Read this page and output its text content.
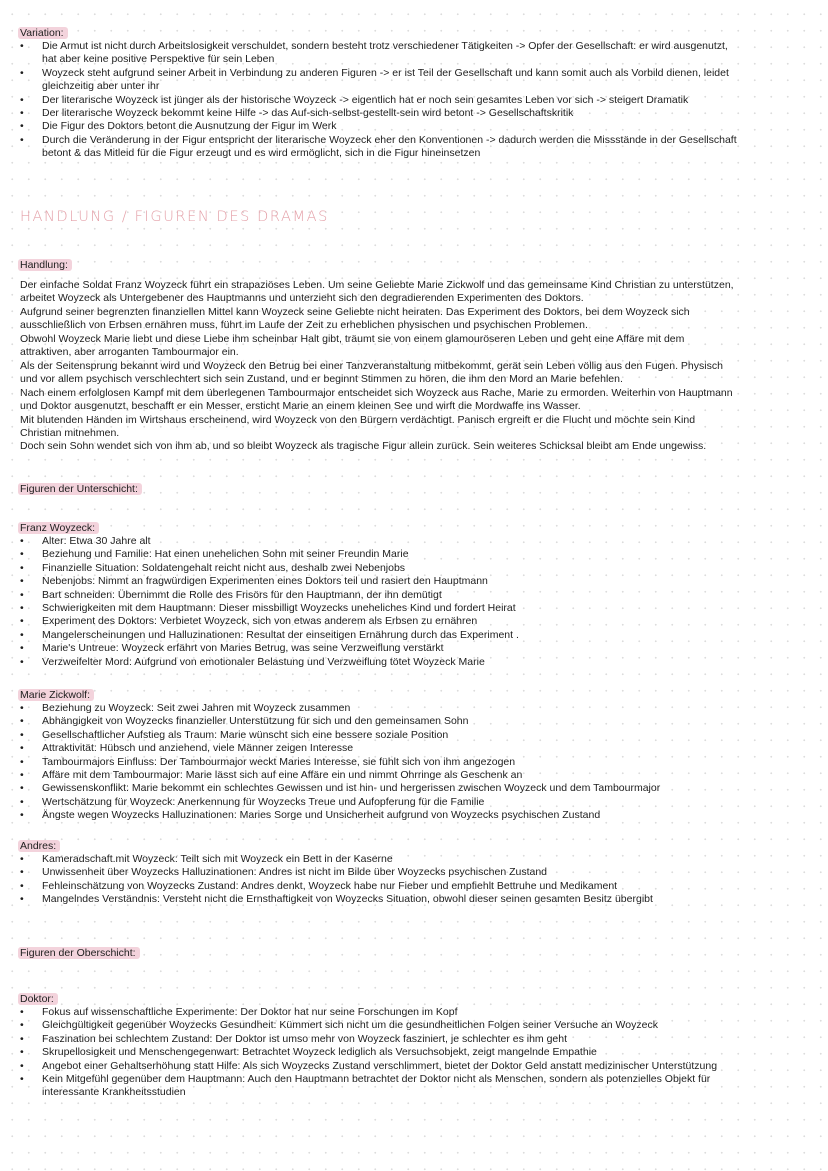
Variation:
• Die Armut ist nicht durch Arbeitslosigkeit verschuldet, sondern besteht trotz verschiedener Tätigkeiten -> Opfer der Gesellschaft: er wird ausgenutzt,
hat aber keine positive Perspektive für sein Leben
• Woyzeck steht aufgrund seiner Arbeit in Verbindung zu anderen Figuren -> er ist Teil der Gesellschaft und kann somit auch als Vorbild dienen, leidet
gleichzeitig aber unter ihr
• Der literarische Woyzeck ist jünger als der historische Woyzeck -> eigentlich hat er noch sein gesamtes Leben vor sich -> steigert Dramatik
• Der literarische Woyzeck bekommt keine Hilfe -> das Auf-sich-selbst-gestellt-sein wird betont -> Gesellschaftskritik
• Die Figur des Doktors betont die Ausnutzung der Figur im Werk
• Durch die Veränderung in der Figur entspricht der literarische Woyzeck eher den Konventionen -> dadurch werden die Missstände in der Gesellschaft
betont & das Mitleid für die Figur erzeugt und es wird ermöglicht, sich in die Figur hineinsetzen
HANDLUNG / FIGUREN DES DRAMAS
Handlung:
Der einfache Soldat Franz Woyzeck führt ein strapaziöses Leben. Um seine Geliebte Marie Zickwolf und das gemeinsame Kind Christian zu unterstützen,
arbeitet Woyzeck als Untergebener des Hauptmanns und unterzieht sich den degradierenden Experimenten des Doktors.
Aufgrund seiner begrenzten finanziellen Mittel kann Woyzeck seine Geliebte nicht heiraten. Das Experiment des Doktors, bei dem Woyzeck sich
ausschließlich von Erbsen ernähren muss, führt im Laufe der Zeit zu erheblichen physischen und psychischen Problemen.
Obwohl Woyzeck Marie liebt und diese Liebe ihm scheinbar Halt gibt, träumt sie von einem glamouröseren Leben und geht eine Affäre mit dem
attraktiven, aber arroganten Tambourmajor ein.
Als der Seitensprung bekannt wird und Woyzeck den Betrug bei einer Tanzveranstaltung mitbekommt, gerät sein Leben völlig aus den Fugen. Physisch
und vor allem psychisch verschlechtert sich sein Zustand, und er beginnt Stimmen zu hören, die ihm den Mord an Marie befehlen.
Nach einem erfolglosen Kampf mit dem überlegenen Tambourmajor entscheidet sich Woyzeck aus Rache, Marie zu ermorden. Weiterhin von Hauptmann
und Doktor ausgenutzt, beschafft er ein Messer, ersticht Marie an einem kleinen See und wirft die Mordwaffe ins Wasser.
Mit blutenden Händen im Wirtshaus erscheinend, wird Woyzeck von den Bürgern verdächtigt. Panisch ergreift er die Flucht und möchte sein Kind
Christian mitnehmen.
Doch sein Sohn wendet sich von ihm ab, und so bleibt Woyzeck als tragische Figur allein zurück. Sein weiteres Schicksal bleibt am Ende ungewiss.
Figuren der Unterschicht:
Franz Woyzeck:
• Alter: Etwa 30 Jahre alt
• Beziehung und Familie: Hat einen unehelichen Sohn mit seiner Freundin Marie
• Finanzielle Situation: Soldatengehalt reicht nicht aus, deshalb zwei Nebenjobs
• Nebenjobs: Nimmt an fragwürdigen Experimenten eines Doktors teil und rasiert den Hauptmann
• Bart schneiden: Übernimmt die Rolle des Frisörs für den Hauptmann, der ihn demütigt
• Schwierigkeiten mit dem Hauptmann: Dieser missbilligt Woyzecks uneheliches Kind und fordert Heirat
• Experiment des Doktors: Verbietet Woyzeck, sich von etwas anderem als Erbsen zu ernähren
• Mangelerscheinungen und Halluzinationen: Resultat der einseitigen Ernährung durch das Experiment .
• Marie's Untreue: Woyzeck erfährt von Maries Betrug, was seine Verzweiflung verstärkt
• Verzweifelter Mord: Aufgrund von emotionaler Belastung und Verzweiflung tötet Woyzeck Marie
Marie Zickwolf:
• Beziehung zu Woyzeck: Seit zwei Jahren mit Woyzeck zusammen
• Abhängigkeit von Woyzecks finanzieller Unterstützung für sich und den gemeinsamen Sohn
• Gesellschaftlicher Aufstieg als Traum: Marie wünscht sich eine bessere soziale Position
• Attraktivität: Hübsch und anziehend, viele Männer zeigen Interesse
• Tambourmajors Einfluss: Der Tambourmajor weckt Maries Interesse, sie fühlt sich von ihm angezogen
• Affäre mit dem Tambourmajor: Marie lässt sich auf eine Affäre ein und nimmt Ohrringe als Geschenk an
• Gewissenskonflikt: Marie bekommt ein schlechtes Gewissen und ist hin- und hergerissen zwischen Woyzeck und dem Tambourmajor
• Wertschätzung für Woyzeck: Anerkennung für Woyzecks Treue und Aufopferung für die Familie
• Ängste wegen Woyzecks Halluzinationen: Maries Sorge und Unsicherheit aufgrund von Woyzecks psychischen Zustand
Andres:
• Kameradschaft.mit Woyzeck: Teilt sich mit Woyzeck ein Bett in der Kaserne
• Unwissenheit über Woyzecks Halluzinationen: Andres ist nicht im Bilde über Woyzecks psychischen Zustand
• Fehleinschätzung von Woyzecks Zustand: Andres denkt, Woyzeck habe nur Fieber und empfiehlt Bettruhe und Medikament
• Mangelndes Verständnis: Versteht nicht die Ernsthaftigkeit von Woyzecks Situation, obwohl dieser seinen gesamten Besitz übergibt
Figuren der Oberschicht:
Doktor:
• Fokus auf wissenschaftliche Experimente: Der Doktor hat nur seine Forschungen im Kopf
• Gleichgültigkeit gegenüber Woyzecks Gesundheit: Kümmert sich nicht um die gesundheitlichen Folgen seiner Versuche an Woyzeck
• Faszination bei schlechtem Zustand: Der Doktor ist umso mehr von Woyzeck fasziniert, je schlechter es ihm geht
• Skrupellosigkeit und Menschengegenwart: Betrachtet Woyzeck lediglich als Versuchsobjekt, zeigt mangelnde Empathie
• Angebot einer Gehaltserhöhung statt Hilfe: Als sich Woyzecks Zustand verschlimmert, bietet der Doktor Geld anstatt medizinischer Unterstützung
• Kein Mitgefühl gegenüber dem Hauptmann: Auch den Hauptmann betrachtet der Doktor nicht als Menschen, sondern als potenzielles Objekt für
interessante Krankheitsstudien
